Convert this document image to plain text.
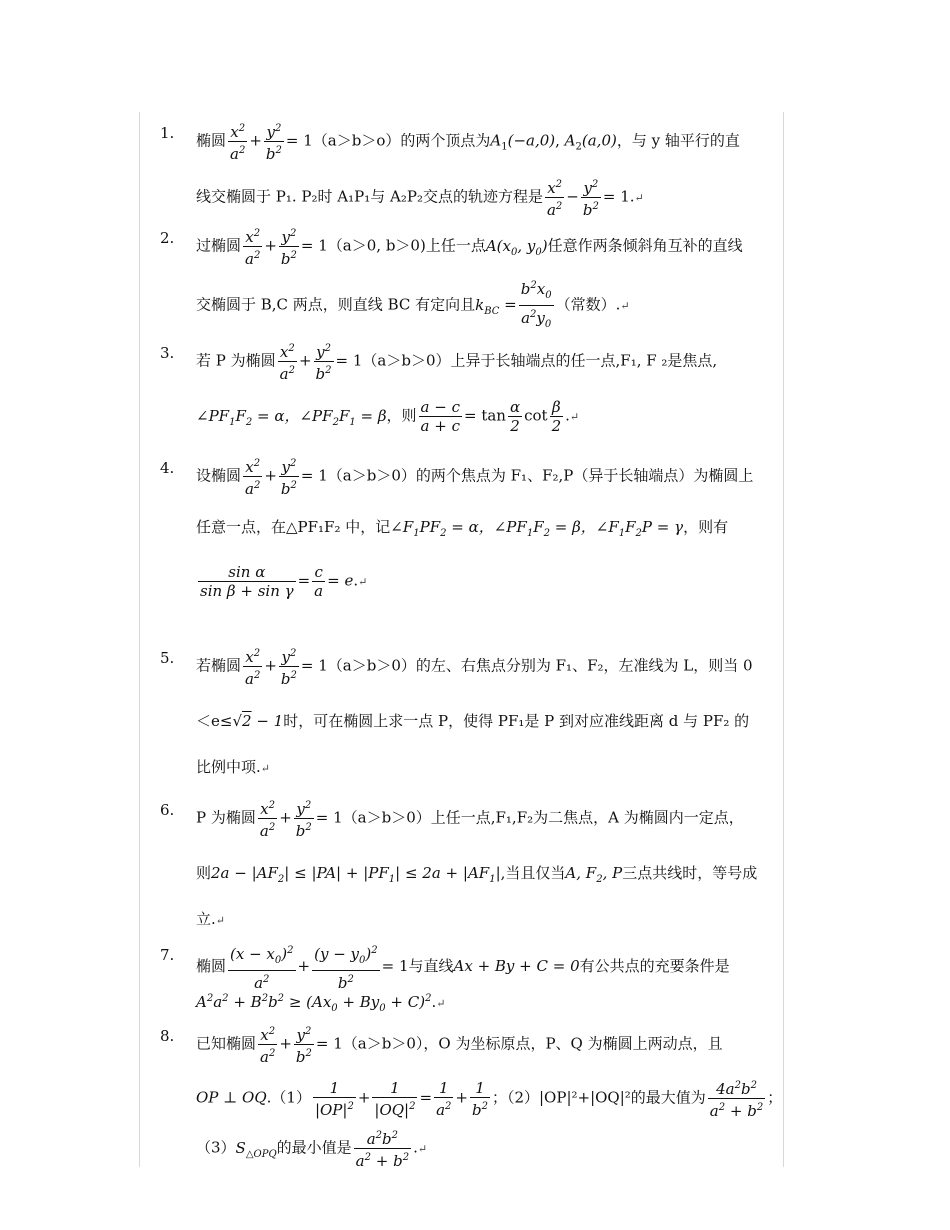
1.	椭圆 $\frac{x^2}{a^2} + \frac{y^2}{b^2} = 1(a>b>o)$的两个顶点为$A_1(-a,0)$, $A_2(a,0)$，与 y 轴平行的直
线交椭圆于 P₁. P₂时 A₁P₁与 A₂P₂交点的轨迹方程是 $\frac{x^2}{a^2} - \frac{y^2}{b^2}$ = 1.↵
2.	过椭圆 $\frac{x^2}{a^2} + \frac{y^2}{b^2} = 1(a>0$, b＞0)上任一点$A(x_0$, $y_0$)任意作两条倾斜角互补的直线
交椭圆于 B,C 两点，则直线 BC 有定向且$k_{BC} = \frac{b^2x_0}{a^2y_0}$ （常数）.↵
3.	若 P 为椭圆 $\frac{x^2}{a^2} + \frac{y^2}{b^2} = 1(a>b>0)$上异于长轴端点的任一点,F₁, F ₂是焦点,
$\angle PF_1F_2 = \alpha$，$\angle PF_2F_1 = \beta$，则 $\frac{a - c}{a + c} = \tan \frac{\alpha}{2}$ $\cot \frac{\beta}{2}$ .↵
4.	设椭圆 $\frac{x^2}{a^2} + \frac{y^2}{b^2} = 1(a>b>0)$的两个焦点为 F₁、F₂,P（异于长轴端点）为椭圆上
任意一点，在△PF₁F₂ 中，记$\angle F_1PF_2 = \alpha$，$\angle PF_1F_2 = \beta$，$\angle F_1F_2P = \gamma$，则有
$\frac{\text{sin α}}{\text{sin β + sin γ}} = \frac{c}{a}$ = e.↵
5.	若椭圆 $\frac{x^2}{a^2} + \frac{y^2}{b^2} = 1(a>b>0)$的左、右焦点分别为 F₁、F₂，左准线为 L，则当 0
＜e≤√2 − 1时，可在椭圆上求一点 P，使得 PF₁是 P 到对应准线距离 d 与 PF₂ 的
比例中项.↵
6.	P 为椭圆 $\frac{x^2}{a^2} + \frac{y^2}{b^2} = 1(a>b>0)$上任一点,F₁,F₂为二焦点，A 为椭圆内一定点，
则$2a - |AF_2| \le |PA| + |PF_1| \le 2a + |AF_1|$,当且仅当A, $F_2$, P三点共线时，等号成
立.↵
7.
椭圆 $\frac{(x - x_0)^2}{a^2} + \frac{(y - y_0)^2}{b^2} = 1$与直线Ax + By + C = 0有公共点的充要条件是
$A^2a^2 + B^2b^2 \ge (Ax_0 + By_0$ + $C)^2.↵$
8.	已知椭圆 $\frac{x^2}{a^2} + \frac{y^2}{b^2} = 1(a>b>0)$，O 为坐标原点，P、Q 为椭圆上两动点，且
OP ⊥ $OQ.(1) \frac{1}{|OP|^2} + \frac{1}{|OQ|^2} = \frac{1}{a^2} + \frac{1}{b^2}$ ；（2）|OP|²+|OQ|²的最大值为 $\frac{4a^2b^2}{a^2 + b^2}$ ；
$(3)S_{\triangle OPQ}$的最小值是 $\frac{a^2b^2}{a^2 + b^2}$ .↵
